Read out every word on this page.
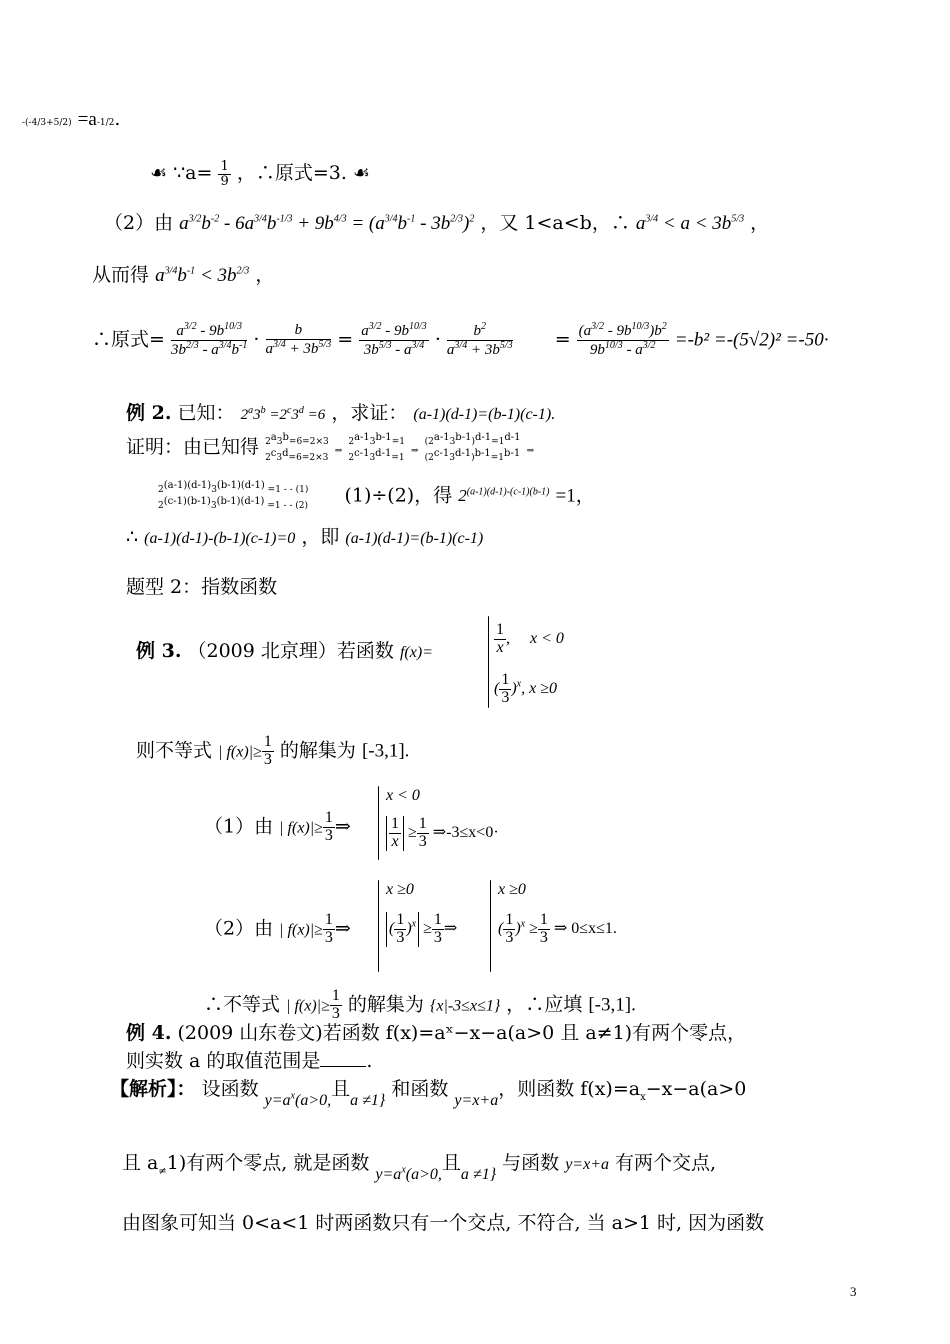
-(-4/3+5/2) =a-1/2.
☙ ∵a= $\frac{1}{9}$ ，∴原式=3. ☙
（2）由 $a^{3/2}b^{-2} - 6a^{3/4}b^{-1/3} + 9b^{4/3} = (a^{3/4}b^{-1} - 3b^{2/3})^2$ ，又 1<a<b，∴ $a^{3/4} < a < 3b^{5/3}$ ，
从而得 $a^{3/4}b^{-1} < 3b^{2/3}$ ，
∴原式= $\frac{a^{3/2} - 9b^{10/3}}{3b^{2/3} - a^{3/4}b^{-1}} \cdot \frac{b}{a^{3/4} + 3b^{5/3}} = \frac{a^{3/2} - 9b^{10/3}}{3b^{5/3} - a^{3/4}} \cdot \frac{b^2}{a^{3/4} + 3b^{5/3}} = \frac{(a^{3/2} - 9b^{10/3})b^2}{9b^{10/3} - a^{3/2}} =-b^2 =-(5√2)^2 =-50\cdot$
例 2. 已知： $2^a3^b =2^c3^d =6$ ，求证： (a-1)(d-1)=(b-1)(c-1).
证明：由已知得 2a3b=6=2×3
2c3d=6=2×3 ⇒ 2a-13b-1=1
2c-13d-1=1 ⇒ (2a-13b-1)d-1=1d-1
(2c-13d-1)b-1=1b-1 ⇒
2(a-1)(d-1)3(b-1)(d-1) =1 - - (1)
2(c-1)(b-1)3(b-1)(d-1) =1 - - (2) (1)÷(2)，得 $2^{(a-1)(d-1)-(c-1)(b-1)} =1$，
∴ (a-1)(d-1)-(b-1)(c-1)=0 ，即 (a-1)(d-1)=(b-1)(c-1)
题型 2：指数函数
例 3. （2009 北京理）若函数 f(x)=	$\frac{1}{x}$ ,     x < 0
( $\frac{1}{3} )^x$, x ≥0
则不等式 | $f(x)|\ge \frac{1}{3}$ 的解集为 [-3,1].
（1）由 | $f(x)|\ge \frac{1}{3}$ ⇒
x < 0
$\frac{1}{x} \ge \frac{1}{3}$ ⇒-3≤x<0·
（2）由 | $f(x)|\ge \frac{1}{3}$ ⇒
x ≥0
( $\frac{1}{3} )^x \ge \frac{1}{3}$ ⇒
x ≥0
( $\frac{1}{3} )^x \ge \frac{1}{3}$ ⇒ 0≤x≤1.
∴不等式 | $f(x)|\ge \frac{1}{3}$ 的解集为 {x|-3≤x≤1} ，∴应填 [-3,1].
例 4. (2009 山东卷文)若函数 f(x)=aˣ−x−a(a>0 且 a≠1)有两个零点，
则实数 a 的取值范围是 .
【解析】： 设函数 $_{y=a^x(a>0,}$且$_{a \ne 1\}}$ 和函数 $_{y=x+a}$，则函数 $f(x)=a_x-x-a(a>0$
且 $a_\ne 1$)有两个零点, 就是函数 $_{y=a^x(a>0,}$且$_{a \ne 1\}}$ 与函数 y=x+a 有两个交点,
由图象可知当 0<a<1 时两函数只有一个交点, 不符合, 当 a>1 时, 因为函数
3
